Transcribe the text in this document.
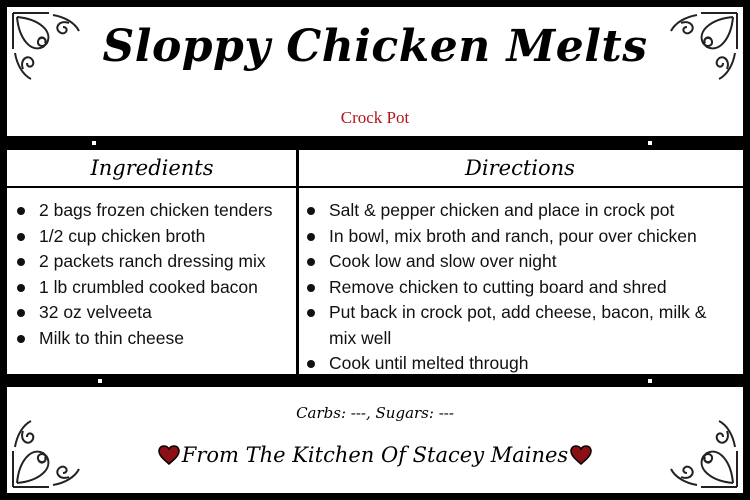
Sloppy Chicken Melts
Crock Pot
Ingredients	Directions
2 bags frozen chicken tenders
1/2 cup chicken broth
2 packets ranch dressing mix
1 lb crumbled cooked bacon
32 oz velveeta
Milk to thin cheese
Salt & pepper chicken and place in crock pot
In bowl, mix broth and ranch, pour over chicken
Cook low and slow over night
Remove chicken to cutting board and shred
Put back in crock pot, add cheese, bacon, milk & mix well
Cook until melted through
Carbs: ---, Sugars: ---
From The Kitchen Of Stacey Maines
